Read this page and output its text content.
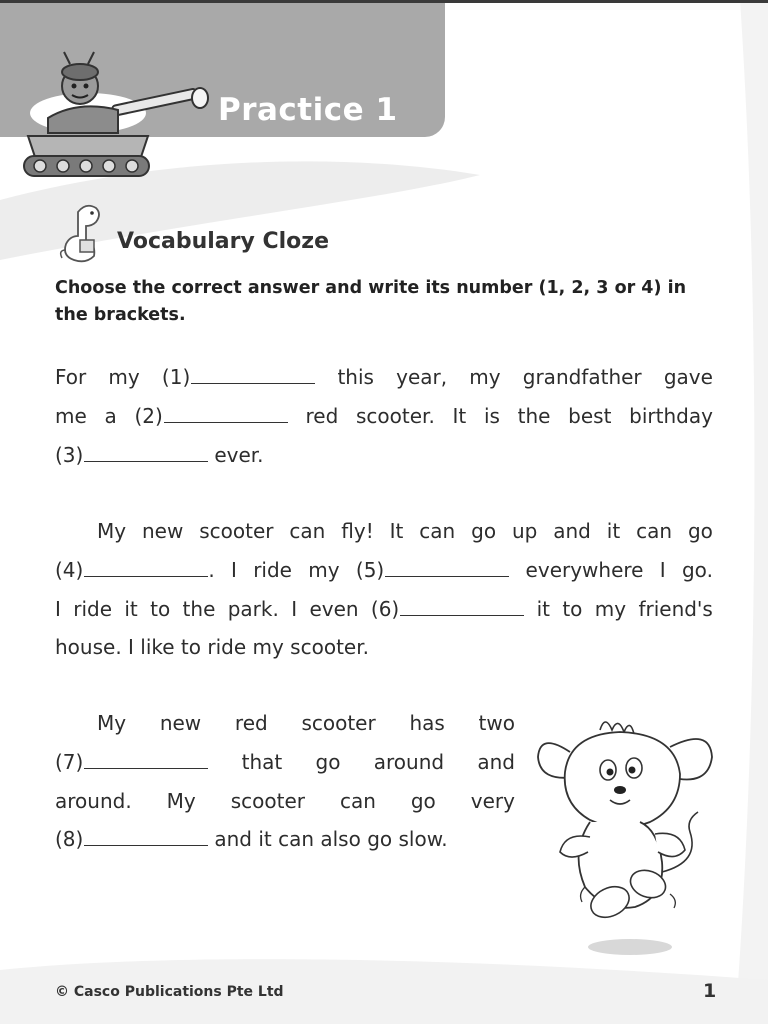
Practice 1
Vocabulary Cloze
Choose the correct answer and write its number (1, 2, 3 or 4) in the brackets.
For my (1)	this year, my grandfather gave
me a (2)	red scooter. It is the best birthday
(3)	ever.
My new scooter can fly! It can go up and it can go
(4)	. I ride my (5)	everywhere I go.
I ride it to the park. I even (6)	it to my friend's
house. I like to ride my scooter.
My new red scooter has two
(7)	that go around and
around. My scooter can go very
(8)	and it can also go slow.
© Casco Publications Pte Ltd	1
